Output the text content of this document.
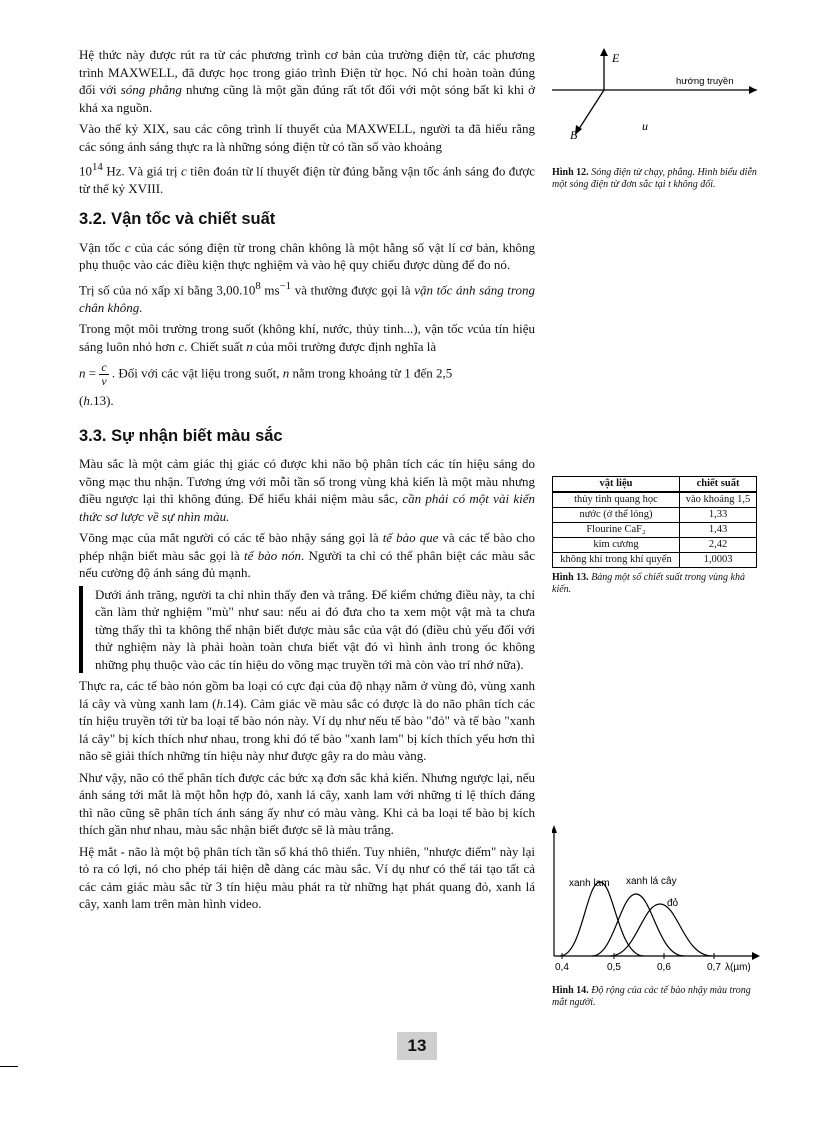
Hệ thức này được rút ra từ các phương trình cơ bản của trường điện từ, các phương trình MAXWELL, đã được học trong giáo trình Điện từ học. Nó chỉ hoàn toàn đúng đối với sóng phẳng nhưng cũng là một gần đúng rất tốt đối với một sóng bất kì khi ở khá xa nguồn.

Vào thế kỷ XIX, sau các công trình lí thuyết của MAXWELL, người ta đã hiểu rằng các sóng ánh sáng thực ra là những sóng điện từ có tần số vào khoảng

$10^{14}$ Hz. Và giá trị c tiên đoán từ lí thuyết điện từ đúng bằng vận tốc ánh sáng đo được từ thế kỷ XVIII.

3.2. Vận tốc và chiết suất

Vận tốc c của các sóng điện từ trong chân không là một hằng số vật lí cơ bản, không phụ thuộc vào các điều kiện thực nghiệm và vào hệ quy chiếu được dùng để đo nó.

Trị số của nó xấp xỉ bằng 3,00.10$^8$ $ms^{-1}$ và thường được gọi là vận tốc ánh sáng trong chân không.

Trong một môi trường trong suốt (không khí, nước, thủy tinh...), vận tốc vcủa tín hiệu sáng luôn nhỏ hơn c. Chiết suất n của môi trường được định nghĩa là

$n = \frac{c}{v}$ . Đối với các vật liệu trong suốt, n nằm trong khoảng từ 1 đến 2,5

(h.13).

3.3. Sự nhận biết màu sắc

Màu sắc là một cảm giác thị giác có được khi não bộ phân tích các tín hiệu sáng do võng mạc thu nhận. Tương ứng với mỗi tần số trong vùng khả kiến là một màu nhưng điều ngược lại thì không đúng. Để hiểu khái niệm màu sắc, cần phải có một vài kiến thức sơ lược về sự nhìn màu.

Võng mạc của mắt người có các tế bào nhậy sáng gọi là tế bào que và các tế bào cho phép nhận biết màu sắc gọi là tế bào nón. Người ta chỉ có thể phân biệt các màu sắc nếu cường độ ánh sáng đủ mạnh.

Dưới ánh trăng, người ta chỉ nhìn thấy đen và trắng. Để kiểm chứng điều này, ta chỉ cần làm thử nghiệm "mù" như sau: nếu ai đó đưa cho ta xem một vật mà ta chưa từng thấy thì ta không thể nhận biết được màu sắc của vật đó (điều chủ yếu đối với thử nghiệm này là phải hoàn toàn chưa biết vật đó vì hình ảnh trong óc không những phụ thuộc vào các tín hiệu do võng mạc truyền tới mà còn vào trí nhớ nữa).

Thực ra, các tế bào nón gồm ba loại có cực đại của độ nhạy nằm ở vùng đỏ, vùng xanh lá cây và vùng xanh lam (h.14). Cảm giác về màu sắc có được là do não phân tích các tín hiệu truyền tới từ ba loại tế bào nón này. Ví dụ như nếu tế bào "đỏ" và tế bào "xanh lá cây" bị kích thích như nhau, trong khi đó tế bào "xanh lam" bị kích thích yếu hơn thì não sẽ giải thích những tín hiệu này như được gây ra do màu vàng.

Như vậy, não có thể phân tích được các bức xạ đơn sắc khả kiến. Nhưng ngược lại, nếu ánh sáng tới mắt là một hỗn hợp đỏ, xanh lá cây, xanh lam với những tỉ lệ thích đáng thì não cũng sẽ phân tích ánh sáng ấy như có màu vàng. Khi cả ba loại tế bào bị kích thích gần như nhau, màu sắc nhận biết được sẽ là màu trắng.

Hệ mắt - não là một bộ phân tích tần số khá thô thiển. Tuy nhiên, "nhược điểm" này lại tỏ ra có lợi, nó cho phép tái hiện dễ dàng các màu sắc. Ví dụ như có thể tái tạo tất cả các cảm giác màu sắc từ 3 tín hiệu màu phát ra từ những hạt phát quang đỏ, xanh lá cây, xanh lam trên màn hình video.

E
B
u
hướng truyền
Hình 12. Sóng điện từ chạy, phẳng. Hình biểu diễn một sóng điện từ đơn sắc tại t không đổi.
vật liệu	chiết suất
thủy tinh quang học	vào khoảng 1,5
nước (ở thể lỏng)	1,33
Flourine CaF₂	1,43
kim cương	2,42
không khí trong khí quyển	1,0003
Hình 13. Bảng một số chiết suất trong vùng khả kiến.
xanh lam xanh lá cây
đỏ
0,4	0,5	0,6	0,7 λ(µm)
Hình 14. Độ rộng của các tế bào nhậy màu trong mắt người.
13
